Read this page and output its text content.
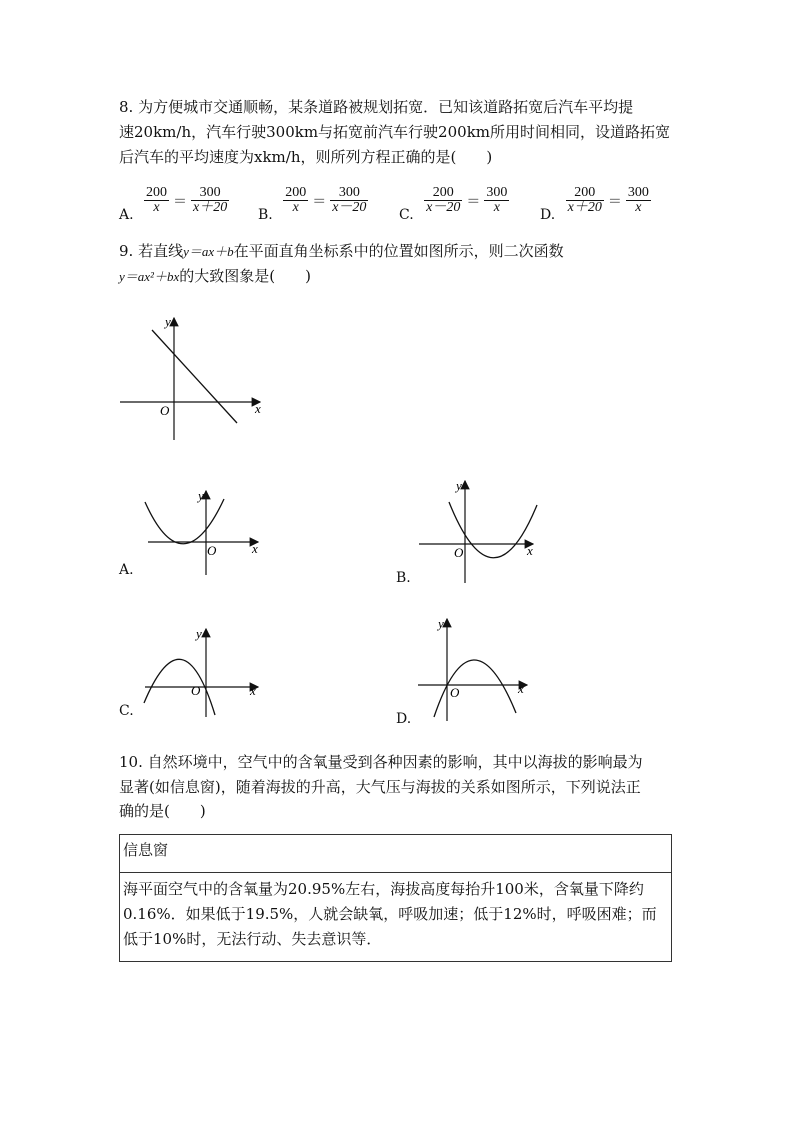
8. 为方便城市交通顺畅，某条道路被规划拓宽．已知该道路拓宽后汽车平均提
速20km/h，汽车行驶300km与拓宽前汽车行驶200km所用时间相同，设道路拓宽
后汽车的平均速度为xkm/h，则所列方程正确的是(　　)
A. $\frac{200}{x} = \frac{300}{x+20} B$. $\frac{200}{x} = \frac{300}{x-20} C$. $\frac{200}{x-20} = \frac{300}{x} D$. $\frac{200}{x+20} = \frac{300}{x}$
9. 若直线y＝ax＋b在平面直角坐标系中的位置如图所示，则二次函数
y＝ax²＋bx的大致图象是(　　)
x
y
O
x
y
O
A.
x
y
O
B.
x
y
O
C.
x
y
O
D.
10. 自然环境中，空气中的含氧量受到各种因素的影响，其中以海拔的影响最为
显著(如信息窗)，随着海拔的升高，大气压与海拔的关系如图所示，下列说法正
确的是(　　)
信息窗
海平面空气中的含氧量为20.95%左右，海拔高度每抬升100米，含氧量下降约
0.16%．如果低于19.5%，人就会缺氧，呼吸加速；低于12%时，呼吸困难；而
低于10%时，无法行动、失去意识等．
